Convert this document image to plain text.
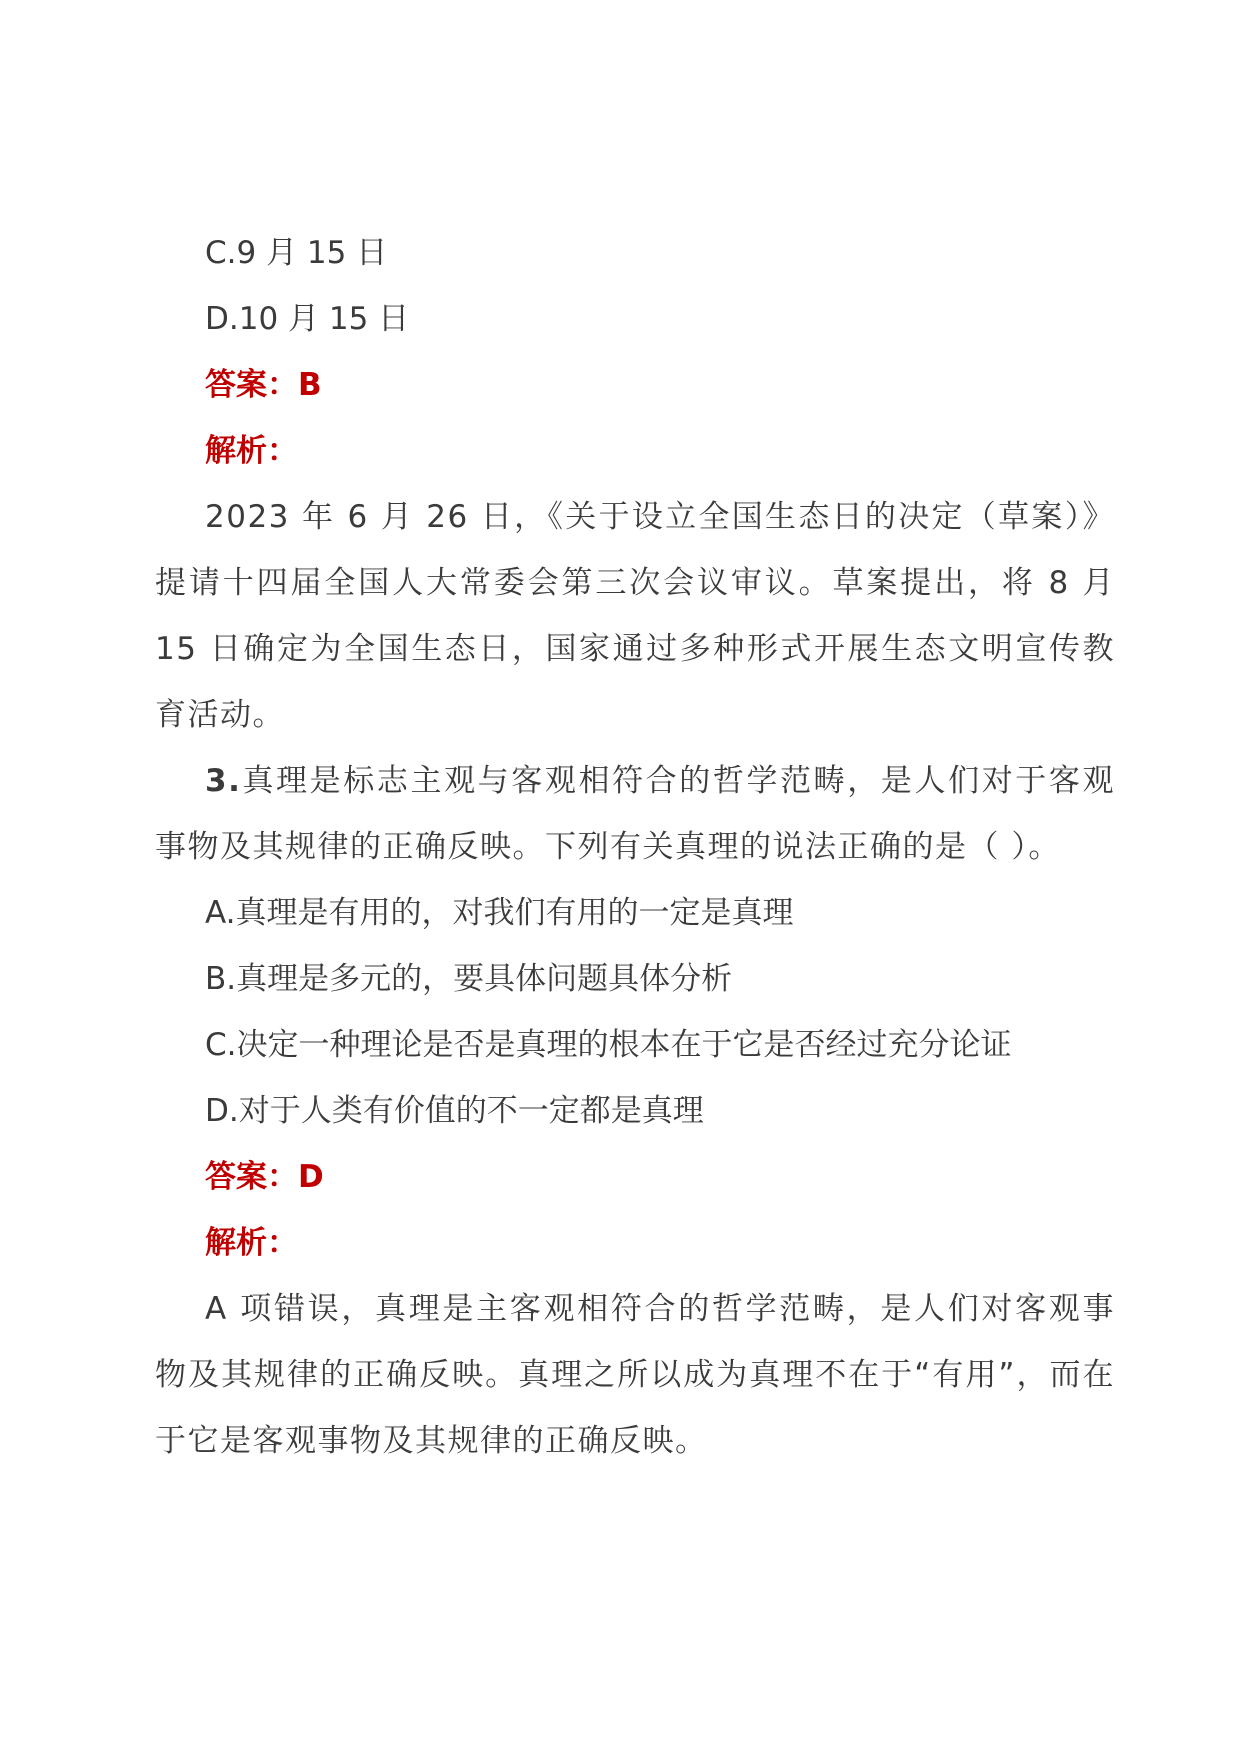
C.9 月 15 日

D.10 月 15 日

答案：B

解析：

2023 年 6 月 26 日，《关于设立全国生态日的决定（草案）》提请十四届全国人大常委会第三次会议审议。草案提出，将 8 月 15 日确定为全国生态日，国家通过多种形式开展生态文明宣传教育活动。

3.真理是标志主观与客观相符合的哲学范畴，是人们对于客观事物及其规律的正确反映。下列有关真理的说法正确的是（ ）。

A.真理是有用的，对我们有用的一定是真理

B.真理是多元的，要具体问题具体分析

C.决定一种理论是否是真理的根本在于它是否经过充分论证

D.对于人类有价值的不一定都是真理

答案：D

解析：

A 项错误，真理是主客观相符合的哲学范畴，是人们对客观事物及其规律的正确反映。真理之所以成为真理不在于“有用”，而在于它是客观事物及其规律的正确反映。
